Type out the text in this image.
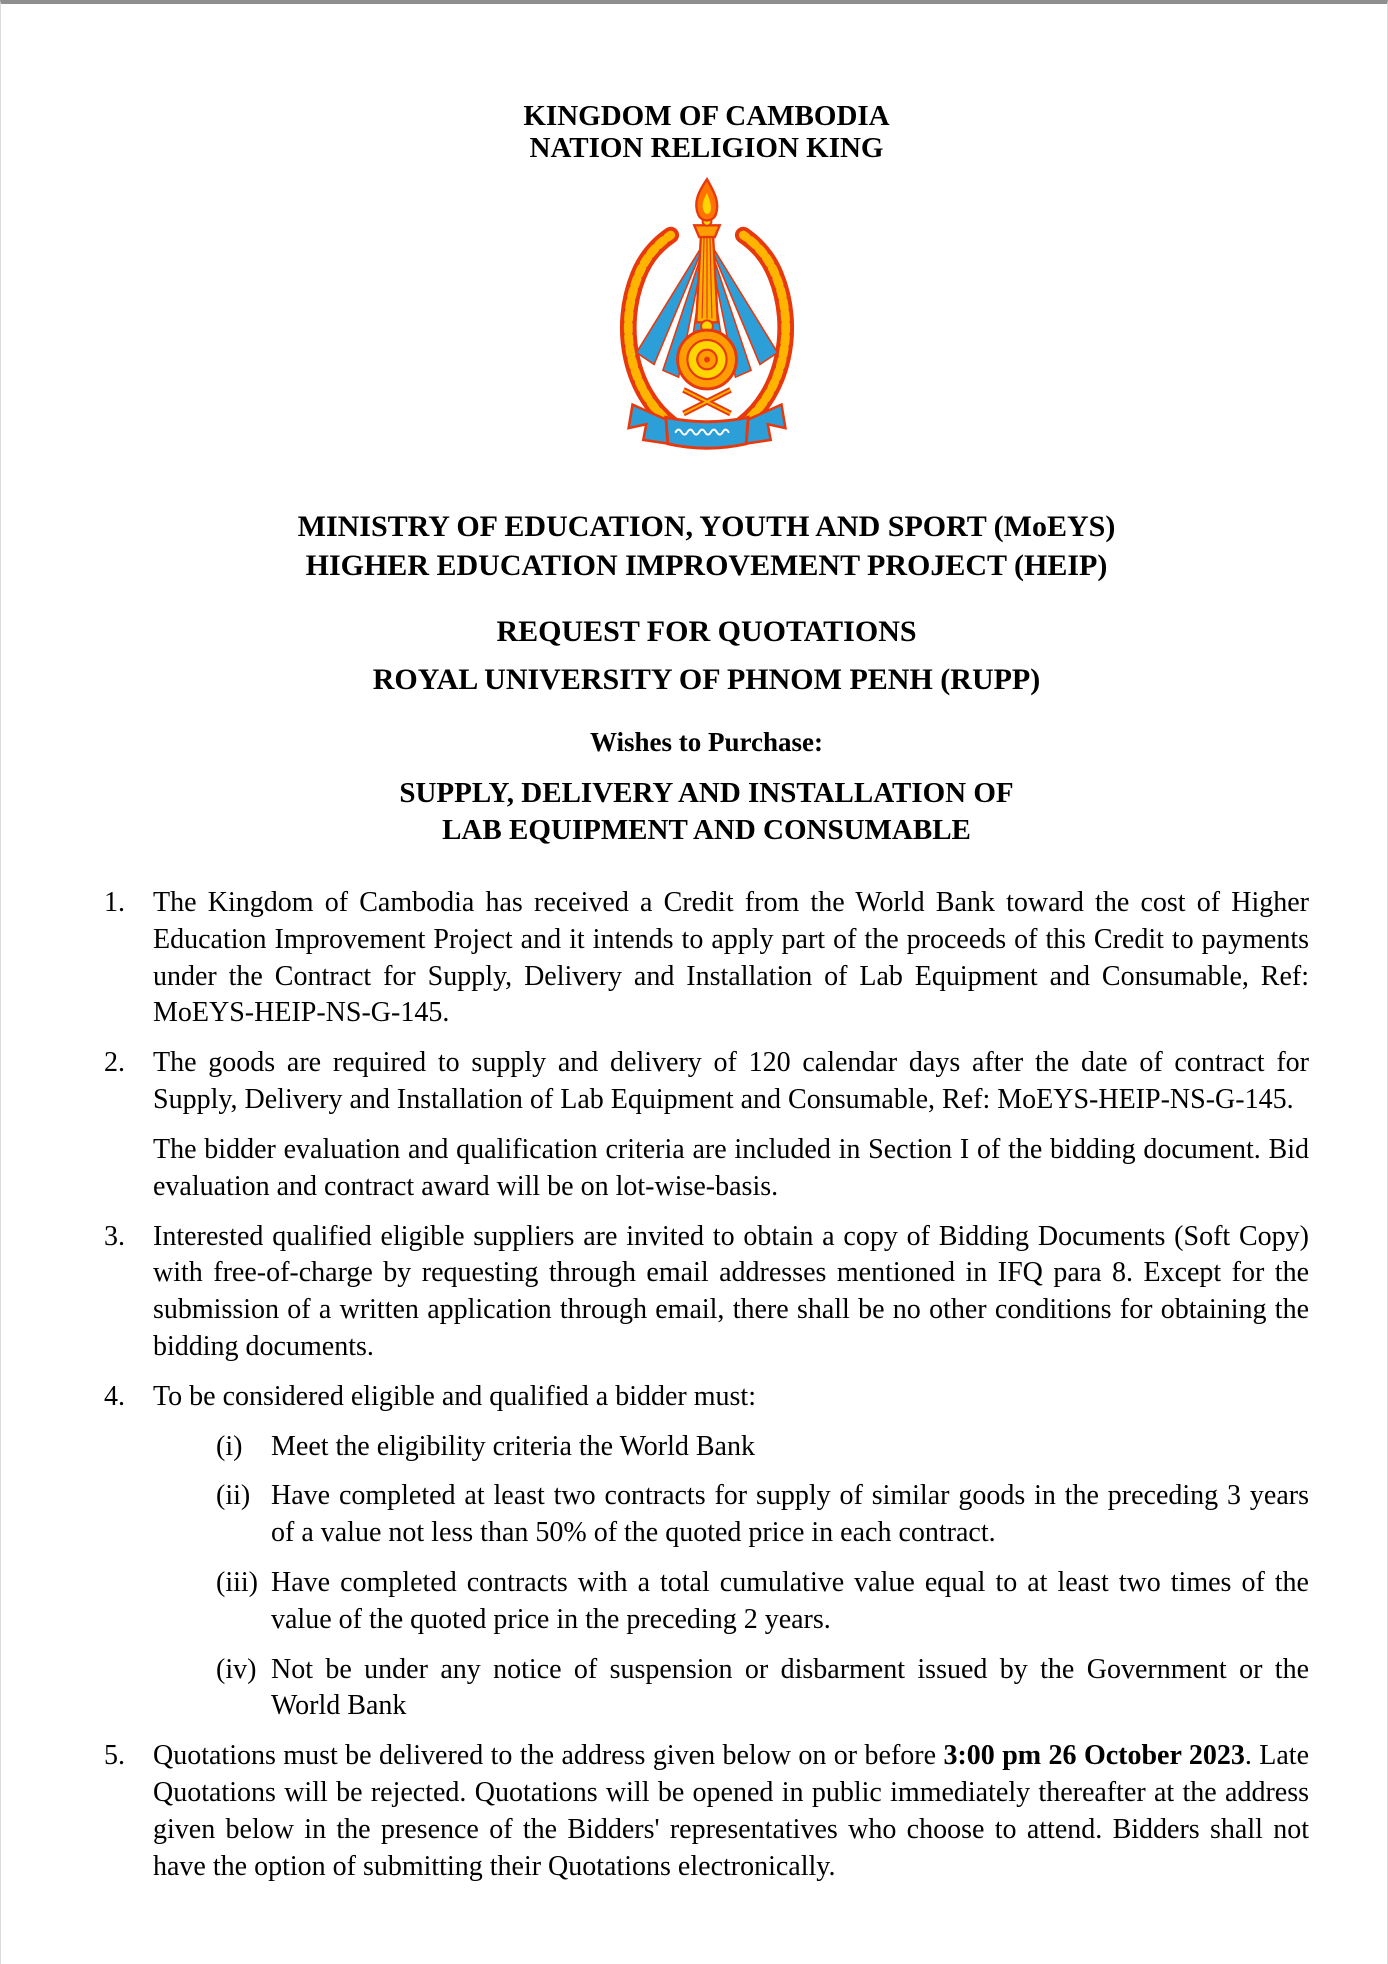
KINGDOM OF CAMBODIA
NATION RELIGION KING
MINISTRY OF EDUCATION, YOUTH AND SPORT (MoEYS)
HIGHER EDUCATION IMPROVEMENT PROJECT (HEIP)
REQUEST FOR QUOTATIONS
ROYAL UNIVERSITY OF PHNOM PENH (RUPP)
Wishes to Purchase:
SUPPLY, DELIVERY AND INSTALLATION OF
LAB EQUIPMENT AND CONSUMABLE
1.	The Kingdom of Cambodia has received a Credit from the World Bank toward the cost of Higher Education Improvement Project and it intends to apply part of the proceeds of this Credit to payments under the Contract for Supply, Delivery and Installation of Lab Equipment and Consumable, Ref: MoEYS-HEIP-NS-G-145.
2.	The goods are required to supply and delivery of 120 calendar days after the date of contract for Supply, Delivery and Installation of Lab Equipment and Consumable, Ref: MoEYS-HEIP-NS-G-145.
The bidder evaluation and qualification criteria are included in Section I of the bidding document. Bid evaluation and contract award will be on lot-wise-basis.
3.	Interested qualified eligible suppliers are invited to obtain a copy of Bidding Documents (Soft Copy) with free-of-charge by requesting through email addresses mentioned in IFQ para 8. Except for the submission of a written application through email, there shall be no other conditions for obtaining the bidding documents.
4.	To be considered eligible and qualified a bidder must:
(i)	Meet the eligibility criteria the World Bank
(ii) Have completed at least two contracts for supply of similar goods in the preceding 3 years of a value not less than 50% of the quoted price in each contract.
(iii) Have completed contracts with a total cumulative value equal to at least two times of the value of the quoted price in the preceding 2 years.
(iv) Not be under any notice of suspension or disbarment issued by the Government or the World Bank
5.	Quotations must be delivered to the address given below on or before 3:00 pm 26 October 2023. Late Quotations will be rejected. Quotations will be opened in public immediately thereafter at the address given below in the presence of the Bidders' representatives who choose to attend. Bidders shall not have the option of submitting their Quotations electronically.
